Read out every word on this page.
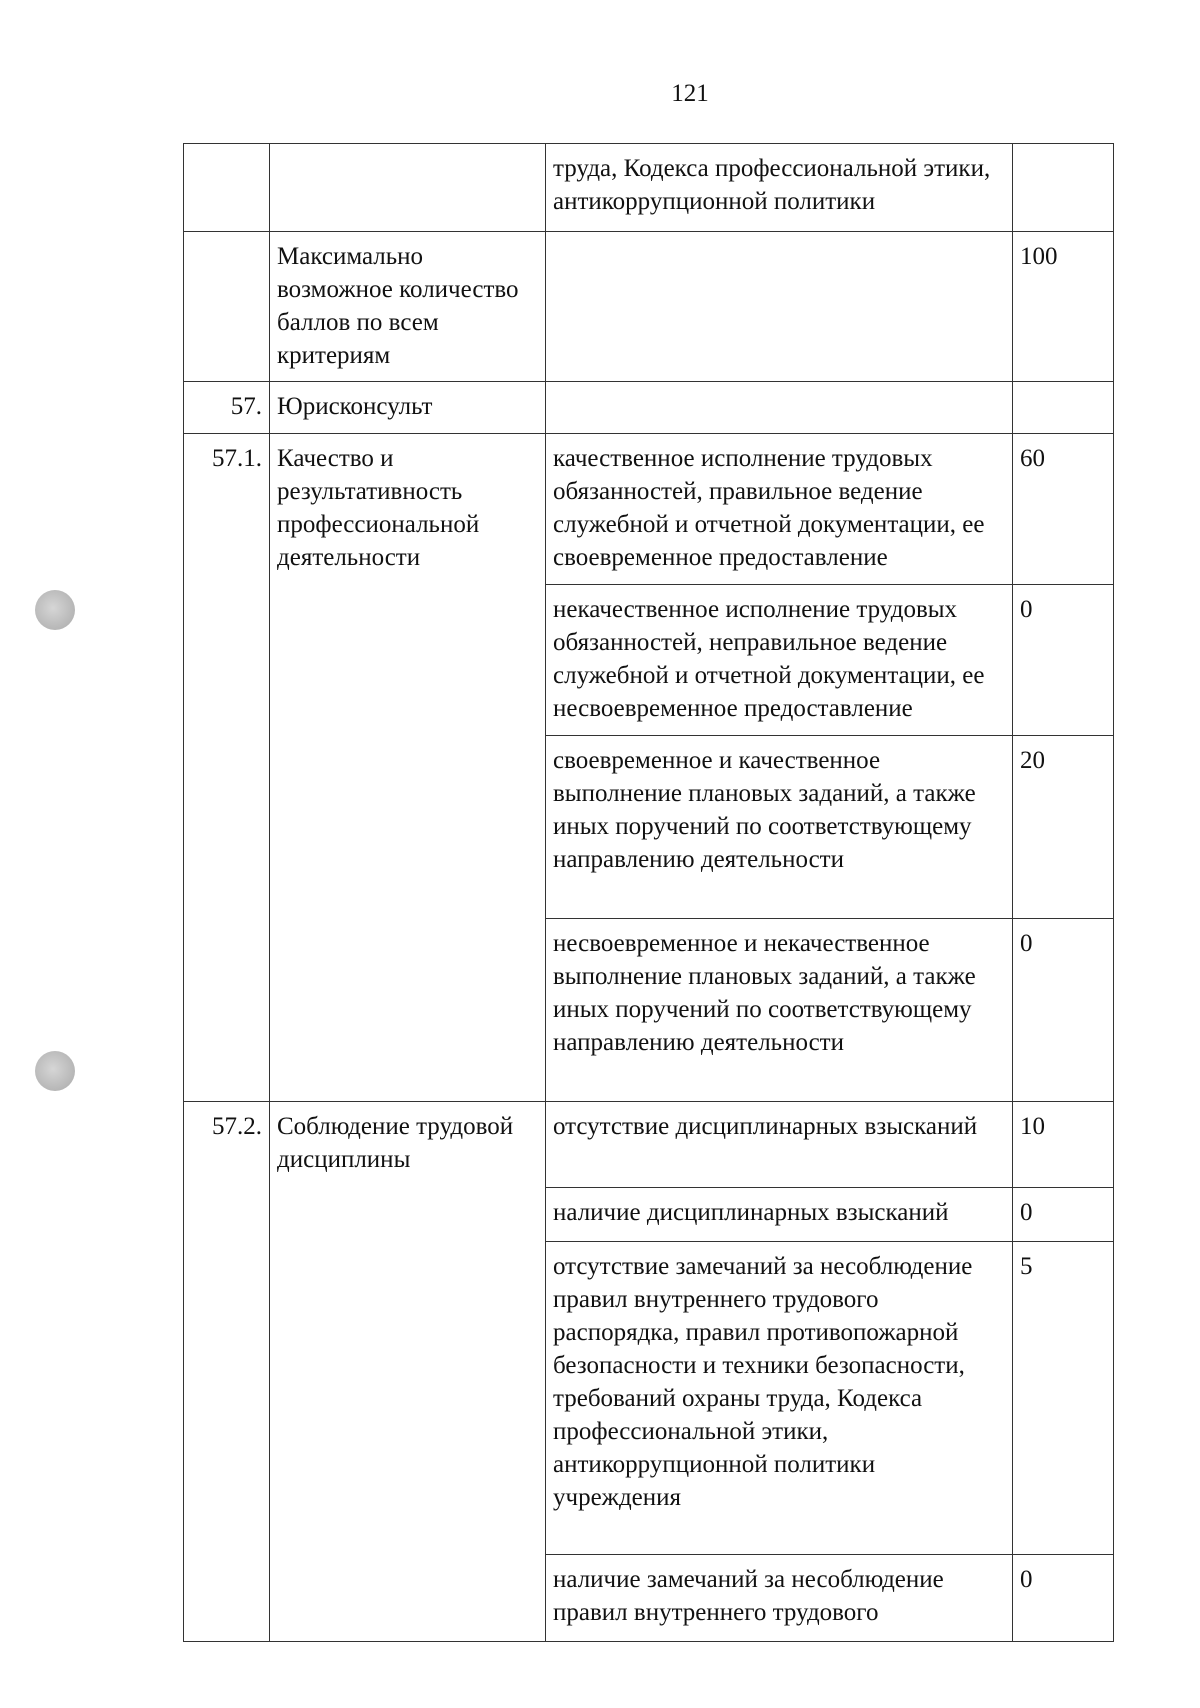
121
		труда, Кодекса профессиональной этики, антикоррупционной политики	
	Максимально возможное количество баллов по всем критериям		100
57.	Юрисконсульт		
57.1.	Качество и результативность профессиональной деятельности	качественное исполнение трудовых обязанностей, правильное ведение служебной и отчетной документации, ее своевременное предоставление	60
		некачественное исполнение трудовых обязанностей, неправильное ведение служебной и отчетной документации, ее несвоевременное предоставление	0
		своевременное и качественное выполнение плановых заданий, а также иных поручений по соответствующему направлению деятельности	20
		несвоевременное и некачественное выполнение плановых заданий, а также иных поручений по соответствующему направлению деятельности	0
57.2.	Соблюдение трудовой дисциплины	отсутствие дисциплинарных взысканий	10
		наличие дисциплинарных взысканий	0
		отсутствие замечаний за несоблюдение правил внутреннего трудового распорядка, правил противопожарной безопасности и техники безопасности, требований охраны труда, Кодекса профессиональной этики, антикоррупционной политики учреждения	5
		наличие замечаний за несоблюдение правил внутреннего трудового	0
